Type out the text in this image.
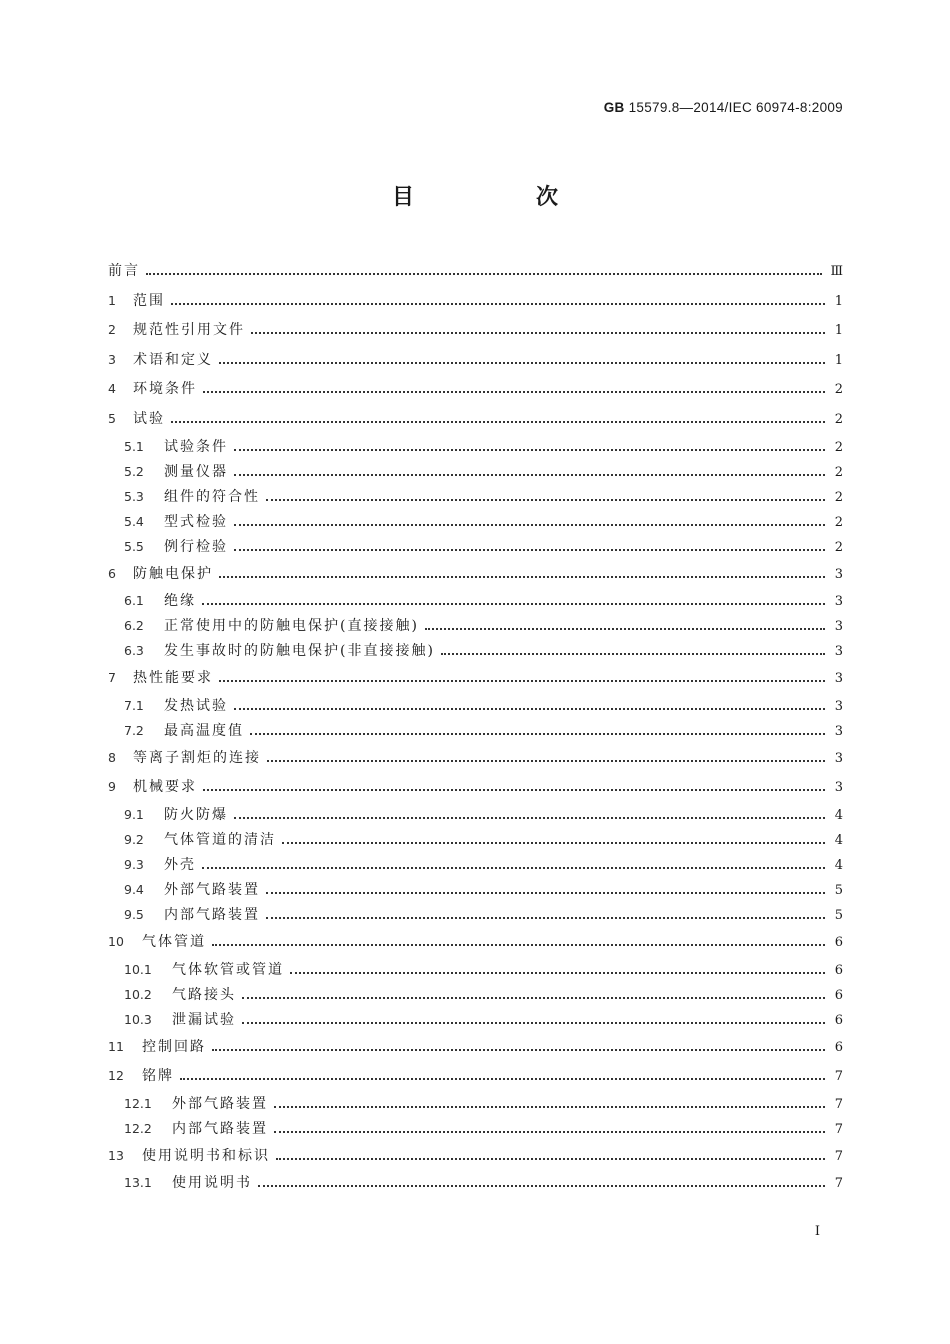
GB 15579.8—2014/IEC 60974-8:2009
目　次
前言	Ⅲ
1	范围	1
2	规范性引用文件	1
3	术语和定义	1
4	环境条件	2
5	试验	2
5.1	试验条件	2
5.2	测量仪器	2
5.3	组件的符合性	2
5.4	型式检验	2
5.5	例行检验	2
6	防触电保护	3
6.1	绝缘	3
6.2	正常使用中的防触电保护(直接接触)	3
6.3	发生事故时的防触电保护(非直接接触)	3
7	热性能要求	3
7.1	发热试验	3
7.2	最高温度值	3
8	等离子割炬的连接	3
9	机械要求	3
9.1	防火防爆	4
9.2	气体管道的清洁	4
9.3	外壳	4
9.4	外部气路装置	5
9.5	内部气路装置	5
10	气体管道	6
10.1	气体软管或管道	6
10.2	气路接头	6
10.3	泄漏试验	6
11	控制回路	6
12	铭牌	7
12.1	外部气路装置	7
12.2	内部气路装置	7
13	使用说明书和标识	7
13.1	使用说明书	7
I
